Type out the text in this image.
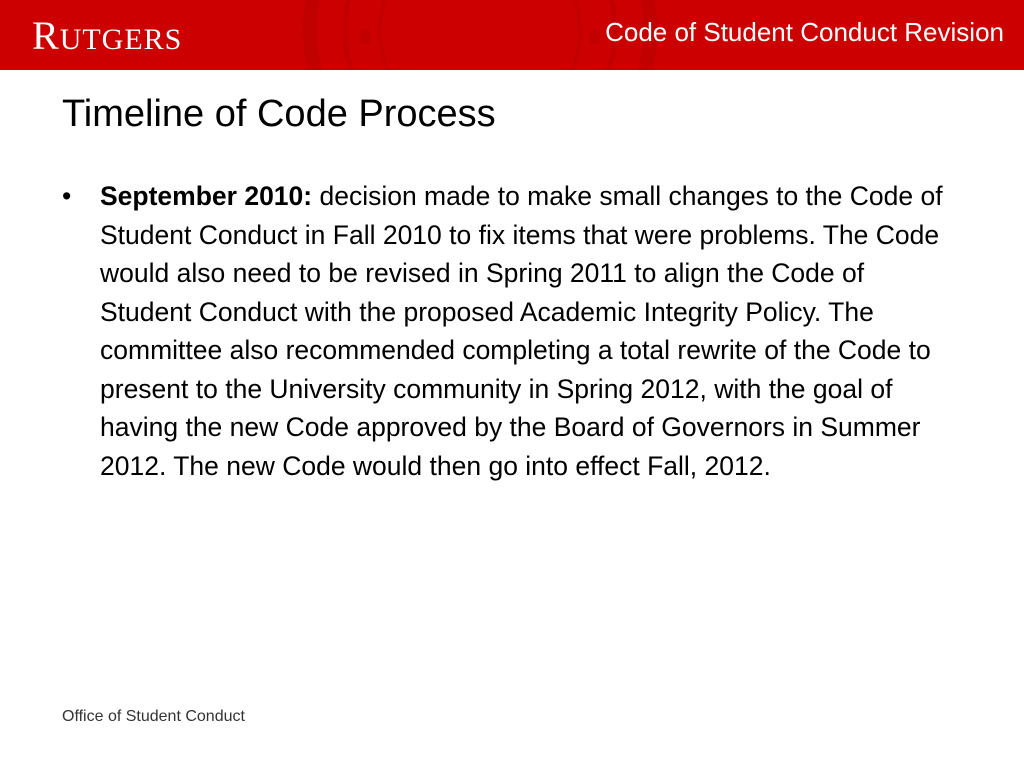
RUTGERS	Code of Student Conduct Revision
Timeline of Code Process
•	September 2010: decision made to make small changes to the Code of Student Conduct in Fall 2010 to fix items that were problems. The Code would also need to be revised in Spring 2011 to align the Code of Student Conduct with the proposed Academic Integrity Policy. The committee also recommended completing a total rewrite of the Code to present to the University community in Spring 2012, with the goal of having the new Code approved by the Board of Governors in Summer 2012. The new Code would then go into effect Fall, 2012.
Office of Student Conduct
